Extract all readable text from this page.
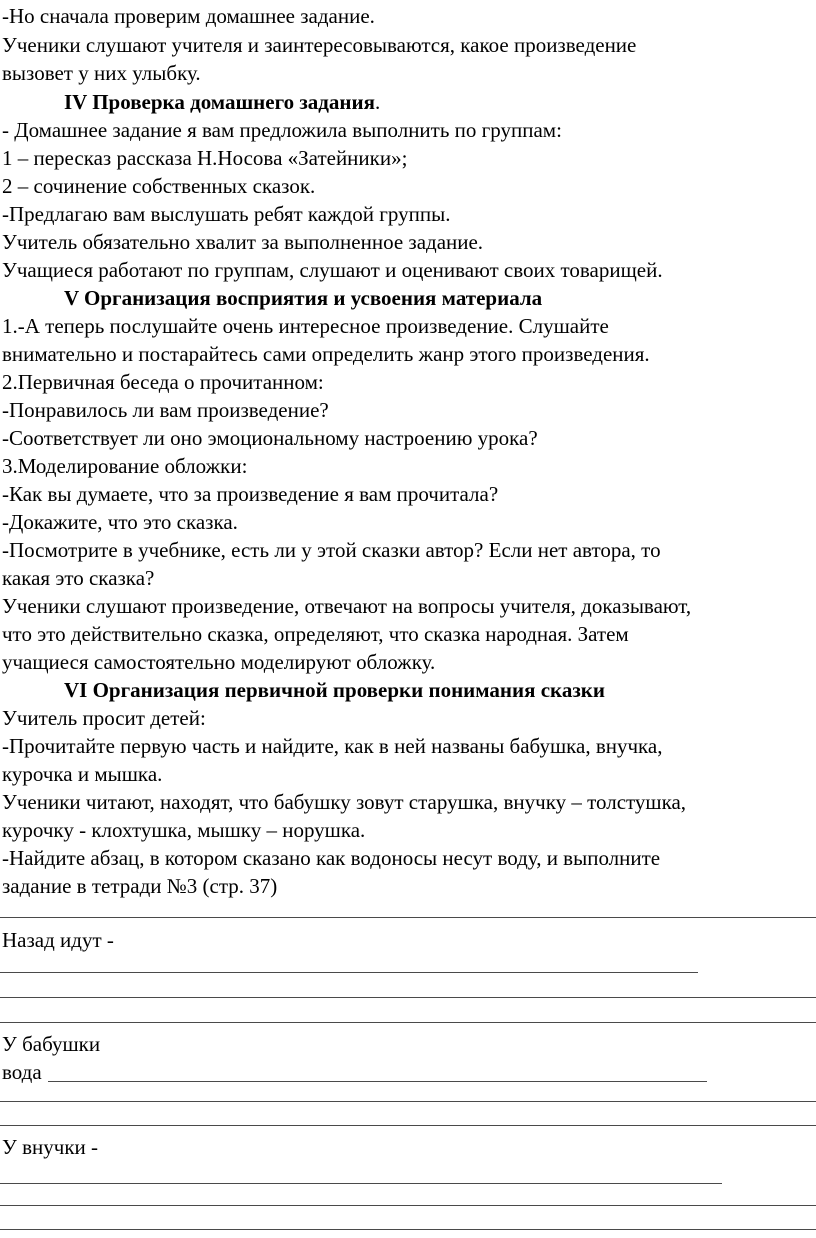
-Но сначала проверим домашнее задание.
Ученики слушают учителя и заинтересовываются, какое произведение
вызовет у них улыбку.
IV Проверка домашнего задания.
- Домашнее задание я вам предложила выполнить по группам:
1 – пересказ рассказа Н.Носова «Затейники»;
2 – сочинение собственных сказок.
-Предлагаю вам выслушать ребят каждой группы.
Учитель обязательно хвалит за выполненное задание.
Учащиеся работают по группам, слушают и оценивают своих товарищей.
V Организация восприятия и усвоения материала
1.-А теперь послушайте очень интересное произведение. Слушайте
внимательно и постарайтесь сами определить жанр этого произведения.
2.Первичная беседа о прочитанном:
-Понравилось ли вам произведение?
-Соответствует ли оно эмоциональному настроению урока?
3.Моделирование обложки:
-Как вы думаете, что за произведение я вам прочитала?
-Докажите, что это сказка.
-Посмотрите в учебнике, есть ли у этой сказки автор? Если нет автора, то
какая это сказка?
Ученики слушают произведение, отвечают на вопросы учителя, доказывают,
что это действительно сказка, определяют, что сказка народная. Затем
учащиеся самостоятельно моделируют обложку.
VI Организация первичной проверки понимания сказки
Учитель просит детей:
-Прочитайте первую часть и найдите, как в ней названы бабушка, внучка,
курочка и мышка.
Ученики читают, находят, что бабушку зовут старушка, внучку – толстушка,
курочку - клохтушка, мышку – норушка.
-Найдите абзац, в котором сказано как водоносы несут воду, и выполните
задание в тетради №3 (стр. 37)
Назад идут -
У бабушки
вода
У внучки -
